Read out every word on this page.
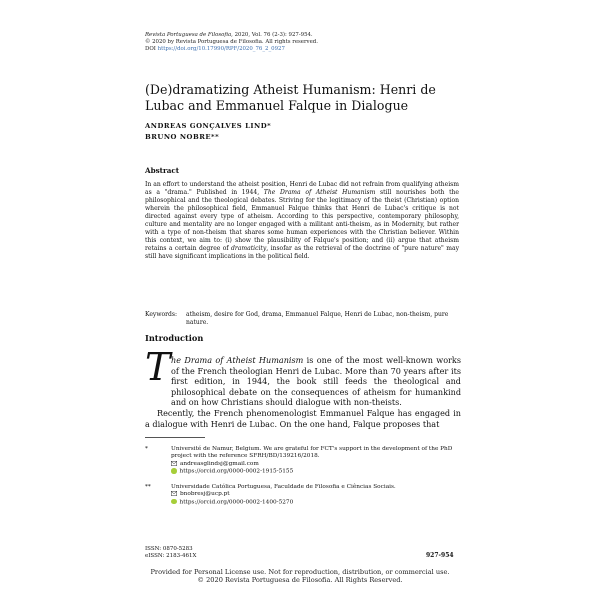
Revista Portuguesa de Filosofia, 2020, Vol. 76 (2-3): 927-954.
© 2020 by Revista Portuguesa de Filosofia. All rights reserved.
DOI https://doi.org/10.17990/RPF/2020_76_2_0927
(De)dramatizing Atheist Humanism: Henri de Lubac and Emmanuel Falque in Dialogue
ANDREAS GONÇALVES LIND*
BRUNO NOBRE**
Abstract
In an effort to understand the atheist position, Henri de Lubac did not refrain from qualifying atheism as a "drama." Published in 1944, The Drama of Atheist Humanism still nourishes both the philosophical and the theological debates. Striving for the legitimacy of the theist (Christian) option wherein the philosophical field, Emmanuel Falque thinks that Henri de Lubac's critique is not directed against every type of atheism. According to this perspective, contemporary philosophy, culture and mentality are no longer engaged with a militant anti-theism, as in Modernity, but rather with a type of non-theism that shares some human experiences with the Christian believer. Within this context, we aim to: (i) show the plausibility of Falque's position; and (ii) argue that atheism retains a certain degree of dramaticity, insofar as the retrieval of the doctrine of "pure nature" may still have significant implications in the political field.
Keywords: atheism, desire for God, drama, Emmanuel Falque, Henri de Lubac, non-theism, pure nature.
Introduction
T he Drama of Atheist Humanism is one of the most well-known works of the French theologian Henri de Lubac. More than 70 years after its first edition, in 1944, the book still feeds the theological and philosophical debate on the consequences of atheism for humankind and on how Christians should dialogue with non-theists.

Recently, the French phenomenologist Emmanuel Falque has engaged in a dialogue with Henri de Lubac. On the one hand, Falque proposes that

*	Université de Namur, Belgium. We are grateful for FCT's support in the development of the PhD project with the reference SFRH/BD/139216/2018.
andreasglindsj@gmail.com
https://orcid.org/0000-0002-1915-5155
**	Universidade Católica Portuguesa, Faculdade de Filosofia e Ciências Sociais.
bnobresj@ucp.pt
https://orcid.org/0000-0002-1400-5270
ISSN: 0870-5283
eISSN: 2183-461X	927-954
Provided for Personal License use. Not for reproduction, distribution, or commercial use.
© 2020 Revista Portuguesa de Filosofia. All Rights Reserved.
